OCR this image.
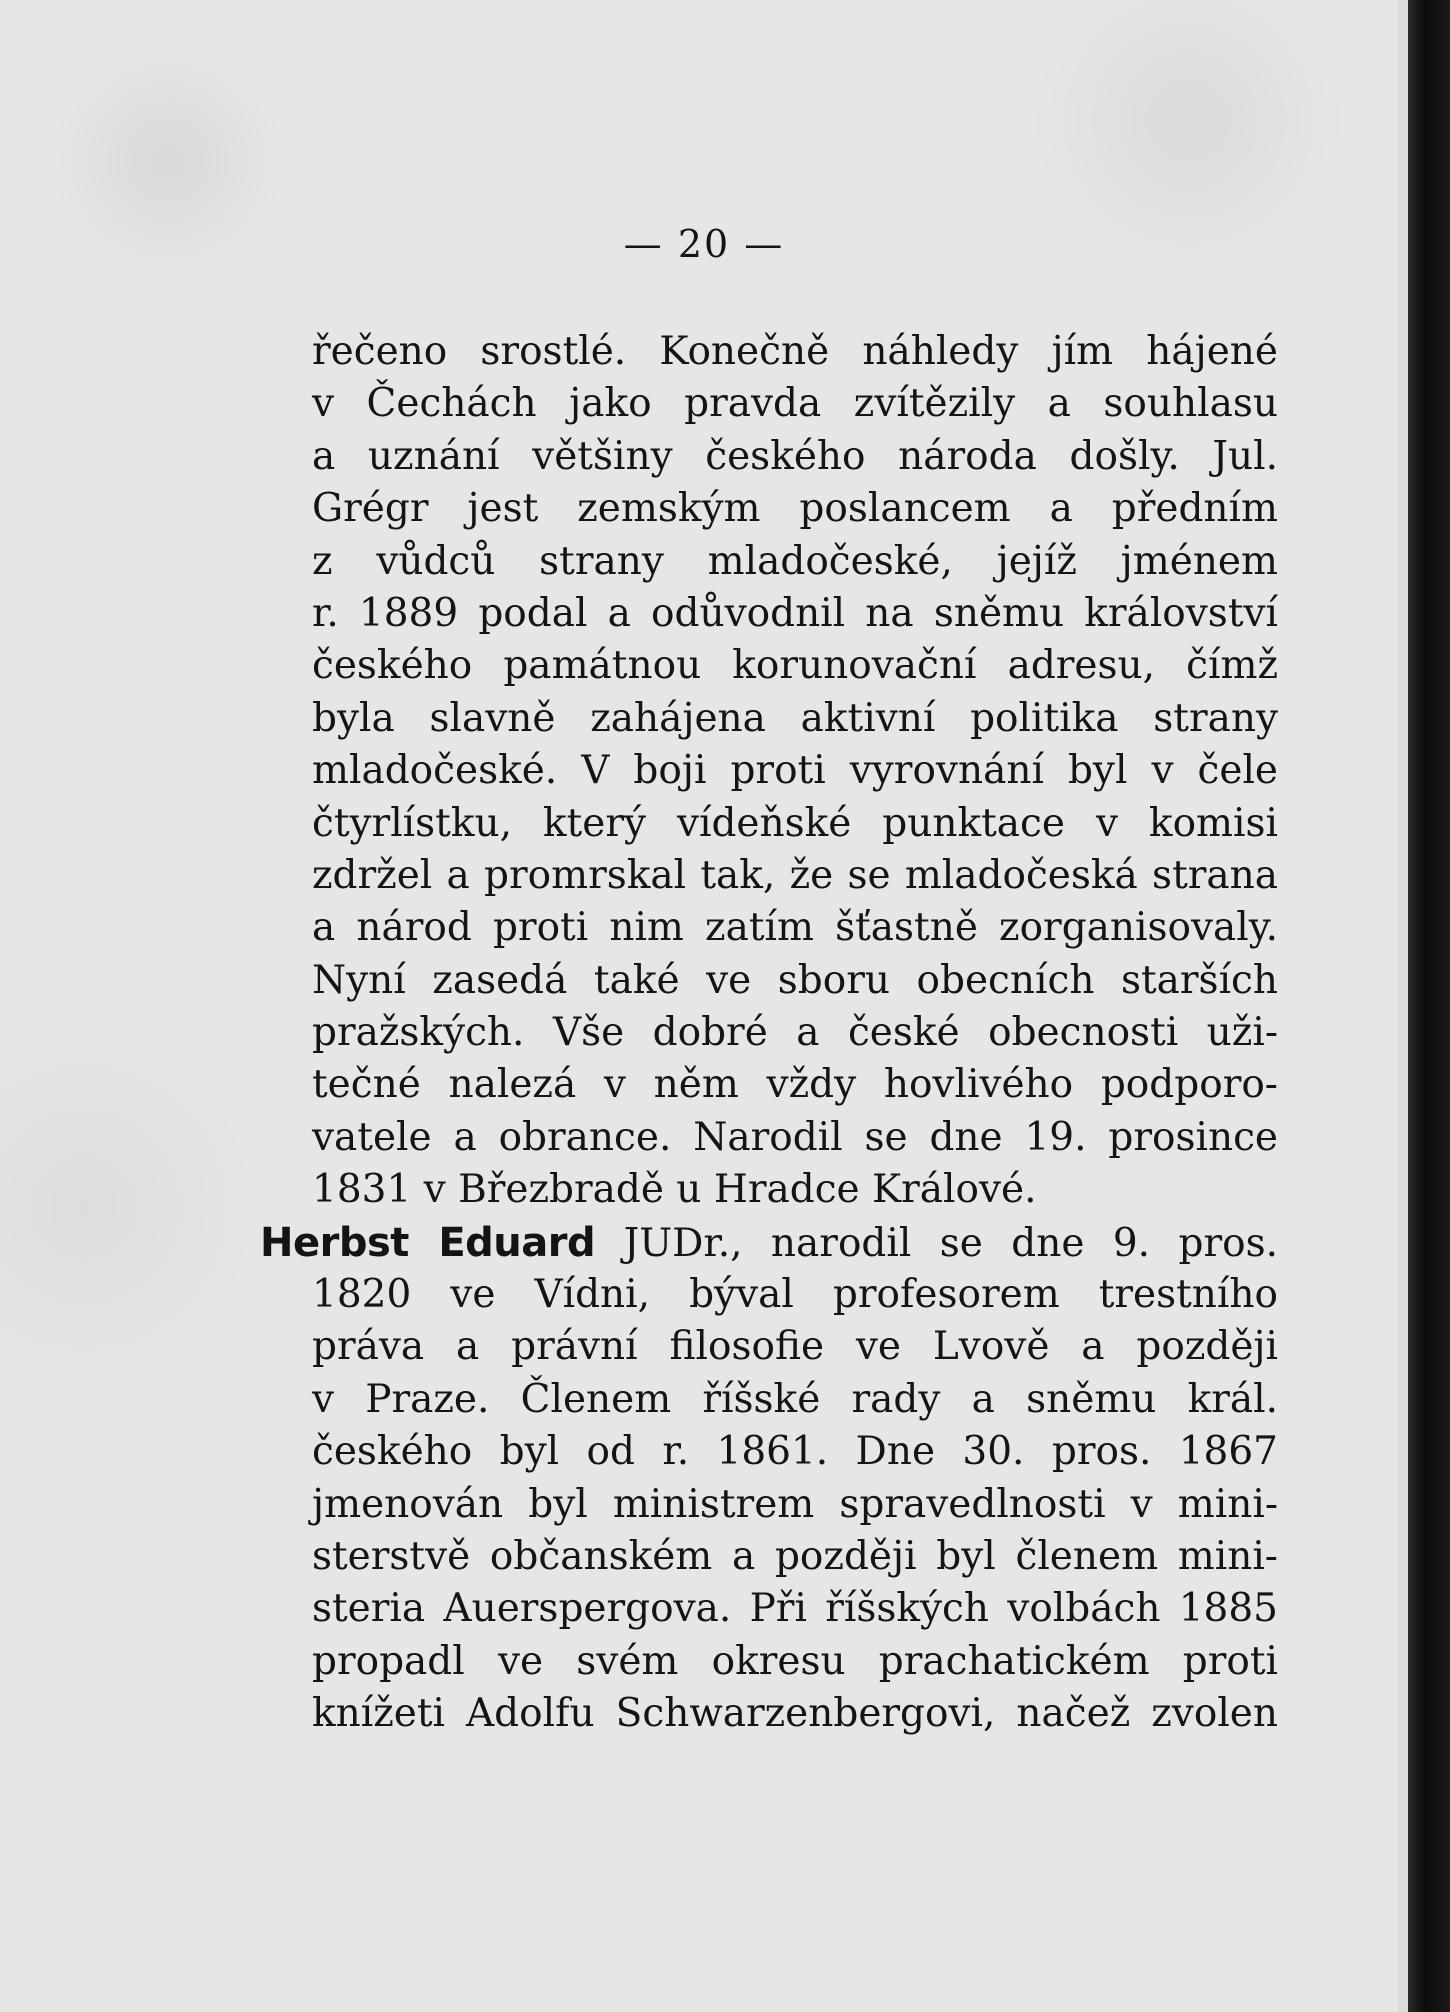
— 20 —
řečeno srostlé. Konečně náhledy jím hájené
v Čechách jako pravda zvítězily a souhlasu
a uznání většiny českého národa došly. Jul.
Grégr jest zemským poslancem a předním
z vůdců strany mladočeské, jejíž jménem
r. 1889 podal a odůvodnil na sněmu království
českého památnou korunovační adresu, čímž
byla slavně zahájena aktivní politika strany
mladočeské. V boji proti vyrovnání byl v čele
čtyrlístku, který vídeňské punktace v komisi
zdržel a promrskal tak, že se mladočeská strana
a národ proti nim zatím šťastně zorganisovaly.
Nyní zasedá také ve sboru obecních starších
pražských. Vše dobré a české obecnosti uži-
tečné nalezá v něm vždy hovlivého podporo-
vatele a obrance. Narodil se dne 19. prosince
1831 v Březbradě u Hradce Králové.
Herbst Eduard JUDr., narodil se dne 9. pros.
1820 ve Vídni, býval profesorem trestního
práva a právní filosofie ve Lvově a později
v Praze. Členem říšské rady a sněmu král.
českého byl od r. 1861. Dne 30. pros. 1867
jmenován byl ministrem spravedlnosti v mini-
sterstvě občanském a později byl členem mini-
steria Auerspergova. Při říšských volbách 1885
propadl ve svém okresu prachatickém proti
knížeti Adolfu Schwarzenbergovi, načež zvolen
